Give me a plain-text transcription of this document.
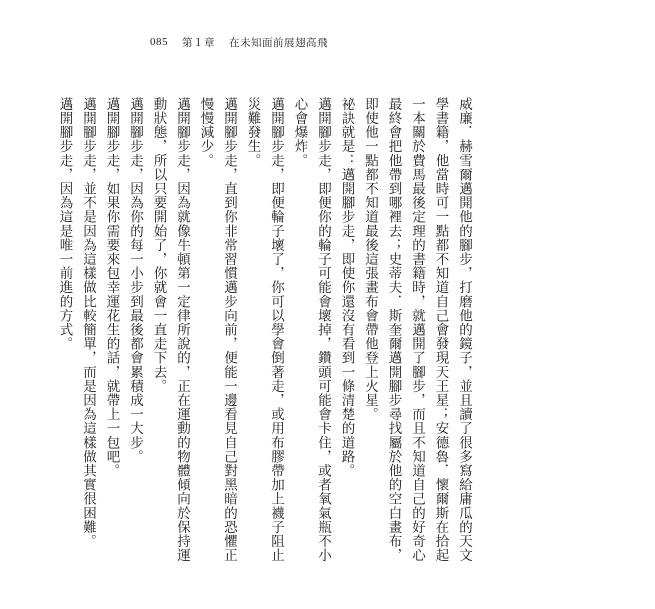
085 第１章 在未知面前展翅高飛

威廉．赫雪爾邁開他的腳步，打磨他的鏡子，並且讀了很多寫給庸瓜的天文學書籍，他當時可一點都不知道自己會發現天王星；安德魯．懷爾斯在拾起一本關於費馬最後定理的書籍時，就邁開了腳步，而且不知道自己的好奇心最終會把他帶到哪裡去；史蒂夫．斯奎爾邁開腳步尋找屬於他的空白畫布，即使他一點都不知道最後這張畫布會帶他登上火星。

祕訣就是：邁開腳步走，即使你還沒有看到一條清楚的道路。

邁開腳步走，即便你的輪子可能會壞掉，鑽頭可能會卡住，或者氧氣瓶不小心會爆炸。

邁開腳步走，即便輪子壞了，你可以學會倒著走，或用布膠帶加上襪子阻止災難發生。

邁開腳步走，直到你非常習慣邁步向前，便能一邊看見自己對黑暗的恐懼正慢慢減少。

邁開腳步走，因為就像牛頓第一定律所說的，正在運動的物體傾向於保持運動狀態，所以只要開始了，你就會一直走下去。

邁開腳步走，因為你的每一小步到最後都會累積成一大步。

邁開腳步走，如果你需要來包幸運花生的話，就帶上一包吧。

邁開腳步走，並不是因為這樣做比較簡單，而是因為這樣做其實很困難。

邁開腳步走，因為這是唯一前進的方式。
